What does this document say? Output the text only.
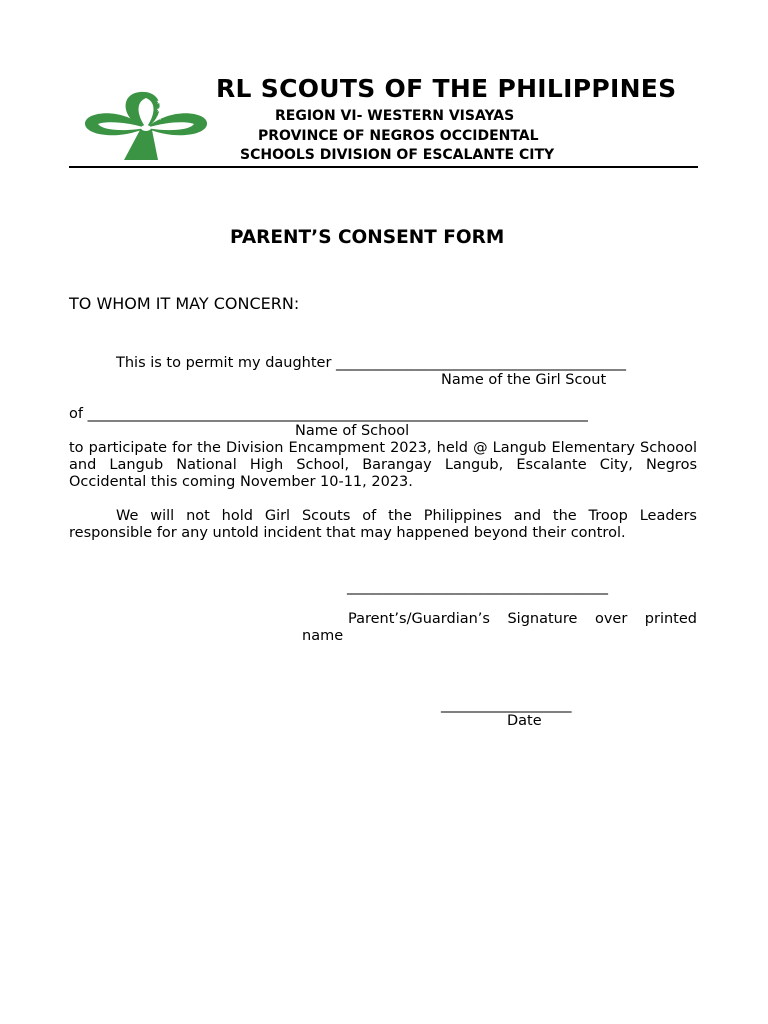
★
★
★
RL SCOUTS OF THE PHILIPPINES
REGION VI- WESTERN VISAYAS
PROVINCE OF NEGROS OCCIDENTAL
SCHOOLS DIVISION OF ESCALANTE CITY
PARENT’S CONSENT FORM
TO WHOM IT MAY CONCERN:
This is to permit my daughter ________________________________________
Name of the Girl Scout
of _____________________________________________________________________
Name of School
to participate for the Division Encampment 2023, held @ Langub Elementary Schoool and Langub National High School, Barangay Langub, Escalante City, Negros Occidental this coming November 10-11, 2023.
We will not hold Girl Scouts of the Philippines and the Troop Leaders responsible for any untold incident that may happened beyond their control.
____________________________________
Parent’s/Guardian’s Signature over printed
name
__________________
Date
